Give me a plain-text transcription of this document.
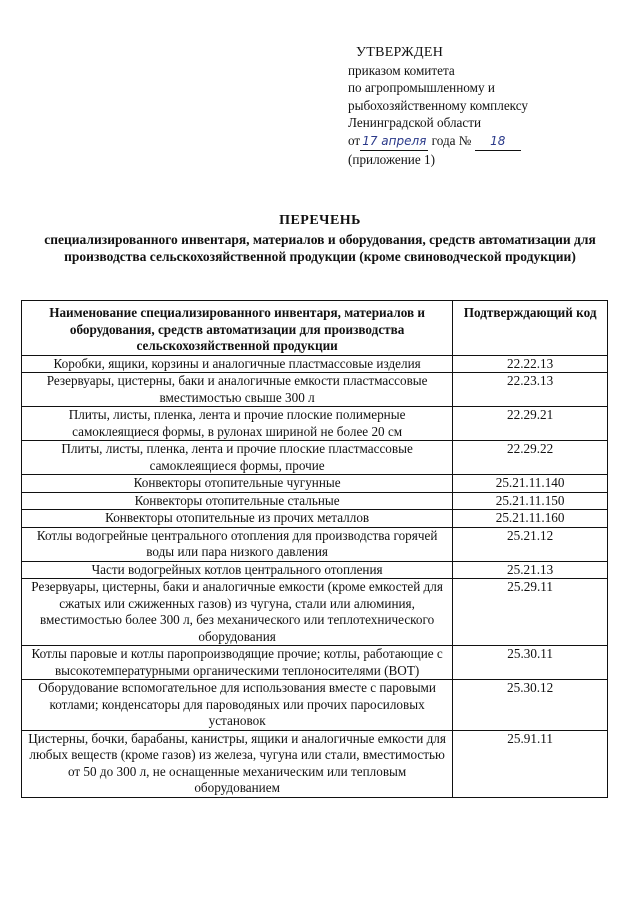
УТВЕРЖДЕН
приказом комитета
по агропромышленному и
рыбохозяйственному комплексу
Ленинградской области
от 17 апреля года № 18
(приложение 1)
ПЕРЕЧЕНЬ
специализированного инвентаря, материалов и оборудования, средств автоматизации для производства сельскохозяйственной продукции (кроме свиноводческой продукции)
Наименование специализированного инвентаря, материалов и оборудования, средств автоматизации для производства сельскохозяйственной продукции	Подтверждающий код
Коробки, ящики, корзины и аналогичные пластмассовые изделия	22.22.13
Резервуары, цистерны, баки и аналогичные емкости пластмассовые вместимостью свыше 300 л	22.23.13
Плиты, листы, пленка, лента и прочие плоские полимерные самоклеящиеся формы, в рулонах шириной не более 20 см	22.29.21
Плиты, листы, пленка, лента и прочие плоские пластмассовые самоклеящиеся формы, прочие	22.29.22
Конвекторы отопительные чугунные	25.21.11.140
Конвекторы отопительные стальные	25.21.11.150
Конвекторы отопительные из прочих металлов	25.21.11.160
Котлы водогрейные центрального отопления для производства горячей воды или пара низкого давления	25.21.12
Части водогрейных котлов центрального отопления	25.21.13
Резервуары, цистерны, баки и аналогичные емкости (кроме емкостей для сжатых или сжиженных газов) из чугуна, стали или алюминия, вместимостью более 300 л, без механического или теплотехнического оборудования	25.29.11
Котлы паровые и котлы паропроизводящие прочие; котлы, работающие с высокотемпературными органическими теплоносителями (ВОТ)	25.30.11
Оборудование вспомогательное для использования вместе с паровыми котлами; конденсаторы для пароводяных или прочих паросиловых установок	25.30.12
Цистерны, бочки, барабаны, канистры, ящики и аналогичные емкости для любых веществ (кроме газов) из железа, чугуна или стали, вместимостью от 50 до 300 л, не оснащенные механическим или тепловым оборудованием	25.91.11
